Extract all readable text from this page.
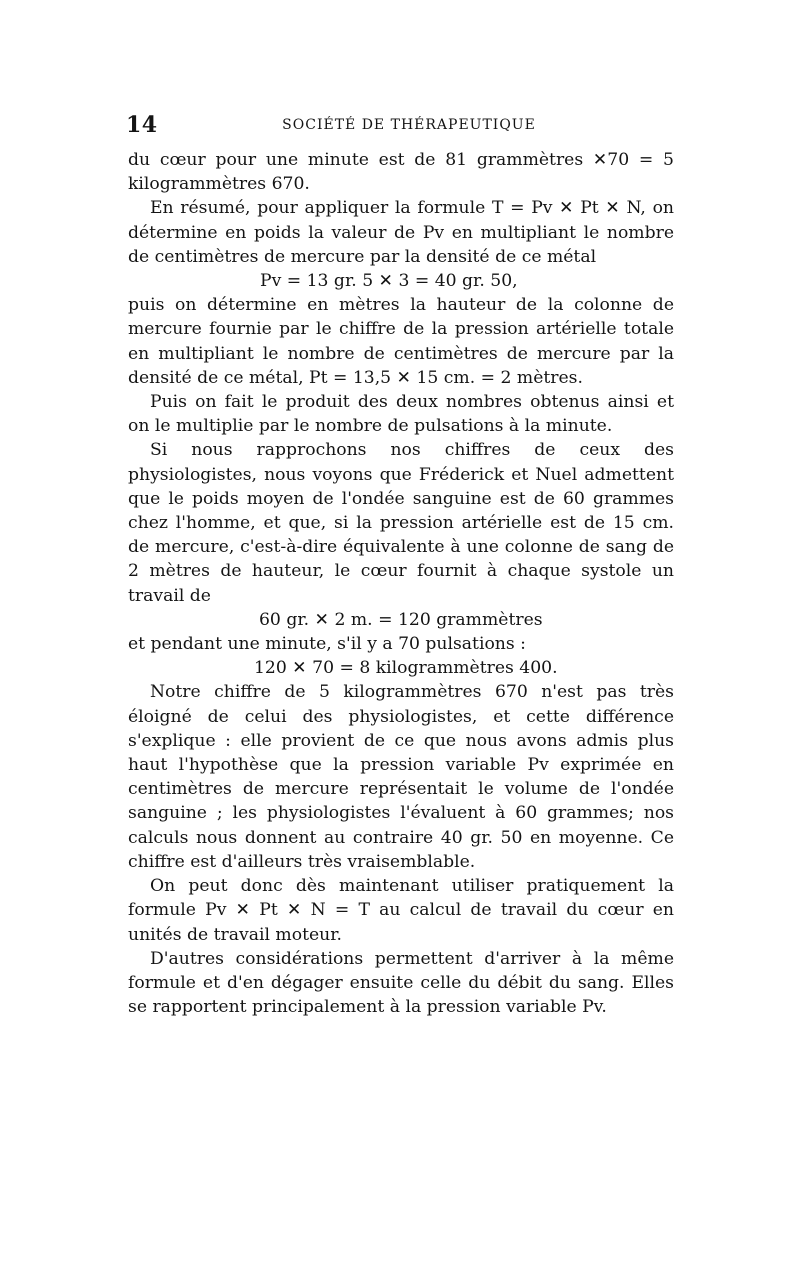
14	SOCIÉTÉ DE THÉRAPEUTIQUE

du cœur pour une minute est de 81 grammètres ✕70 = 5 kilogrammètres 670.

En résumé, pour appliquer la formule T = Pv ✕ Pt ✕ N, on détermine en poids la valeur de Pv en multipliant le nombre de centimètres de mercure par la densité de ce métal

Pv = 13 gr. 5 ✕ 3 = 40 gr. 50,

puis on détermine en mètres la hauteur de la colonne de mercure fournie par le chiffre de la pression artérielle totale en multipliant le nombre de centimètres de mercure par la densité de ce métal, Pt = 13,5 ✕ 15 cm. = 2 mètres.

Puis on fait le produit des deux nombres obtenus ainsi et on le multiplie par le nombre de pulsations à la minute.

Si nous rapprochons nos chiffres de ceux des physiologistes, nous voyons que Fréderick et Nuel admettent que le poids moyen de l'ondée sanguine est de 60 grammes chez l'homme, et que, si la pression artérielle est de 15 cm. de mercure, c'est-à-dire équivalente à une colonne de sang de 2 mètres de hauteur, le cœur fournit à chaque systole un travail de

60 gr. ✕ 2 m. = 120 grammètres

et pendant une minute, s'il y a 70 pulsations :

120 ✕ 70 = 8 kilogrammètres 400.

Notre chiffre de 5 kilogrammètres 670 n'est pas très éloigné de celui des physiologistes, et cette différence s'explique : elle provient de ce que nous avons admis plus haut l'hypothèse que la pression variable Pv exprimée en centimètres de mercure représentait le volume de l'ondée sanguine ; les physiologistes l'évaluent à 60 grammes; nos calculs nous donnent au contraire 40 gr. 50 en moyenne. Ce chiffre est d'ailleurs très vraisemblable.

On peut donc dès maintenant utiliser pratiquement la formule Pv ✕ Pt ✕ N = T au calcul de travail du cœur en unités de travail moteur.

D'autres considérations permettent d'arriver à la même formule et d'en dégager ensuite celle du débit du sang. Elles se rapportent principalement à la pression variable Pv.
